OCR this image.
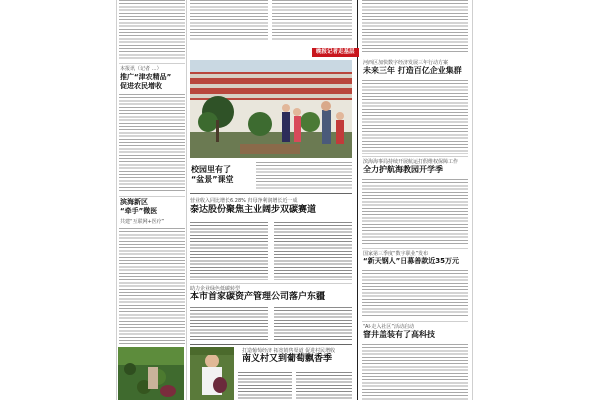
本报讯（记者 …）
推广“津农精品”
促进农民增收
滨海新区
“牵手”微医
共建“互联网+医疗”
晚报记者走基层
校园里有了
“盆景”课堂
营业收入同比增长6.28% 归母净利润增长近一成
泰达股份聚焦主业阔步双碳赛道
助力企业绿色低碳转型
本市首家碳资产管理公司落户东疆
打造葡萄经济 拓宽销售渠道 促进村民增收
南义村又到葡萄飘香季
河西区加快数字经济发展三年行动方案
未来三年 打造百亿企业集群
滨海海事局持续开展航运打假维权保障工作
全力护航海教园开学季
国家第三季度“数字职业”发布
“新天钢人”日募善款近35万元
“AI·走入社区”活动启动
窨井盖装有了高科技
